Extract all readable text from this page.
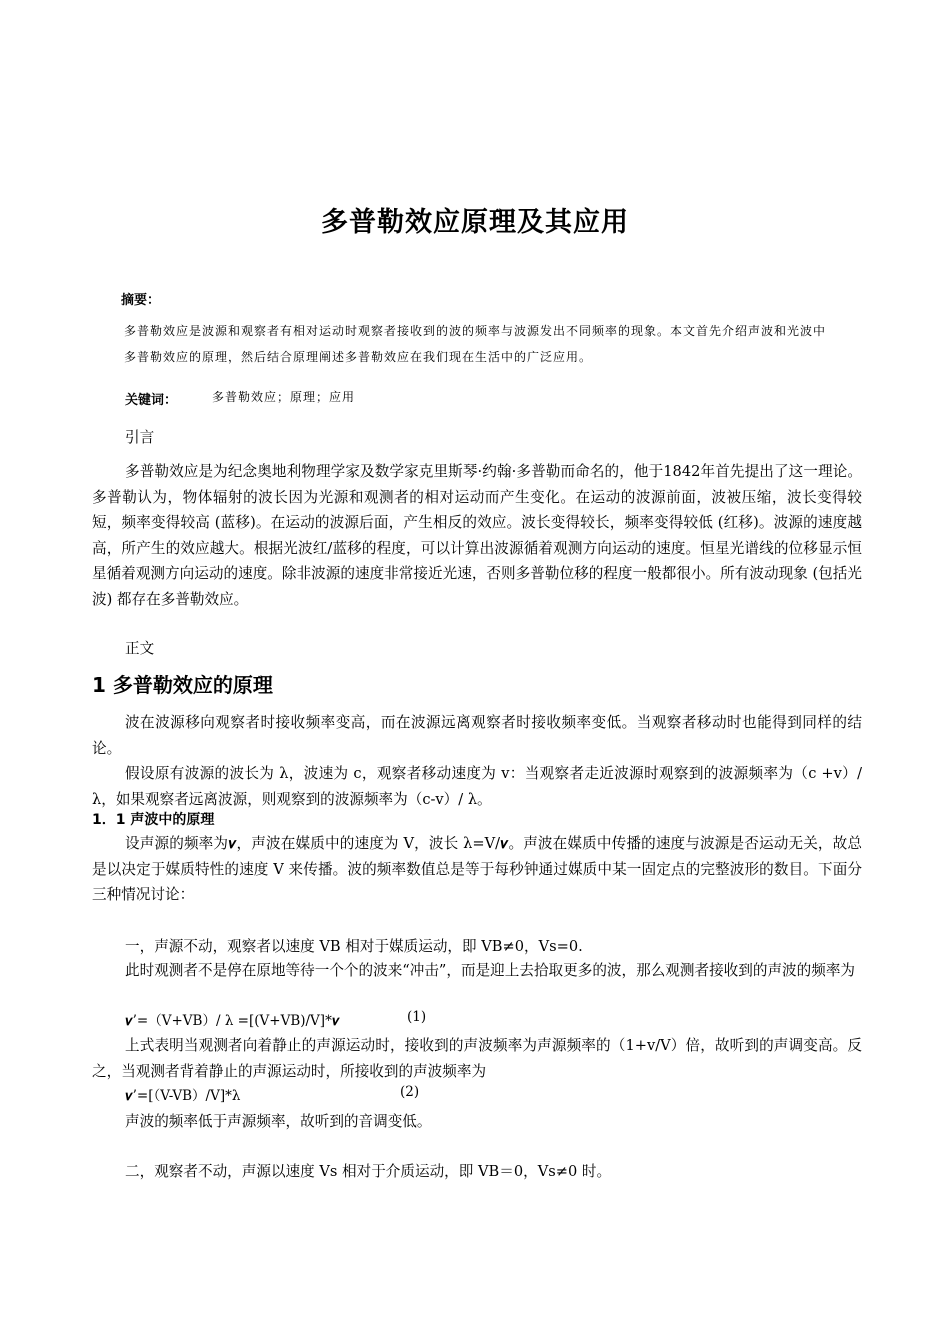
多普勒效应原理及其应用
摘要：
多普勒效应是波源和观察者有相对运动时观察者接收到的波的频率与波源发出不同频率的现象。本文首先介绍声波和光波中多普勒效应的原理，然后结合原理阐述多普勒效应在我们现在生活中的广泛应用。
关键词：	多普勒效应；原理；应用
引言
多普勒效应是为纪念奥地利物理学家及数学家克里斯琴·约翰·多普勒而命名的，他于1842年首先提出了这一理论。多普勒认为，物体辐射的波长因为光源和观测者的相对运动而产生变化。在运动的波源前面，波被压缩，波长变得较短，频率变得较高 (蓝移)。在运动的波源后面，产生相反的效应。波长变得较长，频率变得较低 (红移)。波源的速度越高，所产生的效应越大。根据光波红/蓝移的程度，可以计算出波源循着观测方向运动的速度。恒星光谱线的位移显示恒星循着观测方向运动的速度。除非波源的速度非常接近光速，否则多普勒位移的程度一般都很小。所有波动现象 (包括光波) 都存在多普勒效应。
正文
1 多普勒效应的原理
波在波源移向观察者时接收频率变高，而在波源远离观察者时接收频率变低。当观察者移动时也能得到同样的结论。
假设原有波源的波长为 λ，波速为 c，观察者移动速度为 v：当观察者走近波源时观察到的波源频率为（c +v）/ λ，如果观察者远离波源，则观察到的波源频率为（c-v）/ λ。
1．1 声波中的原理
设声源的频率为𝝂，声波在媒质中的速度为 V，波长 λ=V/𝝂。声波在媒质中传播的速度与波源是否运动无关，故总是以决定于媒质特性的速度 V 来传播。波的频率数值总是等于每秒钟通过媒质中某一固定点的完整波形的数目。下面分三种情况讨论：
一，声源不动，观察者以速度 VB 相对于媒质运动，即 VB≠0，Vs=0.
此时观测者不是停在原地等待一个个的波来“冲击”，而是迎上去拾取更多的波，那么观测者接收到的声波的频率为
𝝂’=（V+VB）/ λ =[(V+VB)/V]*𝝂	(1)
上式表明当观测者向着静止的声源运动时，接收到的声波频率为声源频率的（1+v/V）倍，故听到的声调变高。反之，当观测者背着静止的声源运动时，所接收到的声波频率为
𝝂’=[（V-VB）/V]*λ	(2)
声波的频率低于声源频率，故听到的音调变低。
二，观察者不动，声源以速度 Vs 相对于介质运动，即 VB＝0，Vs≠0 时。
